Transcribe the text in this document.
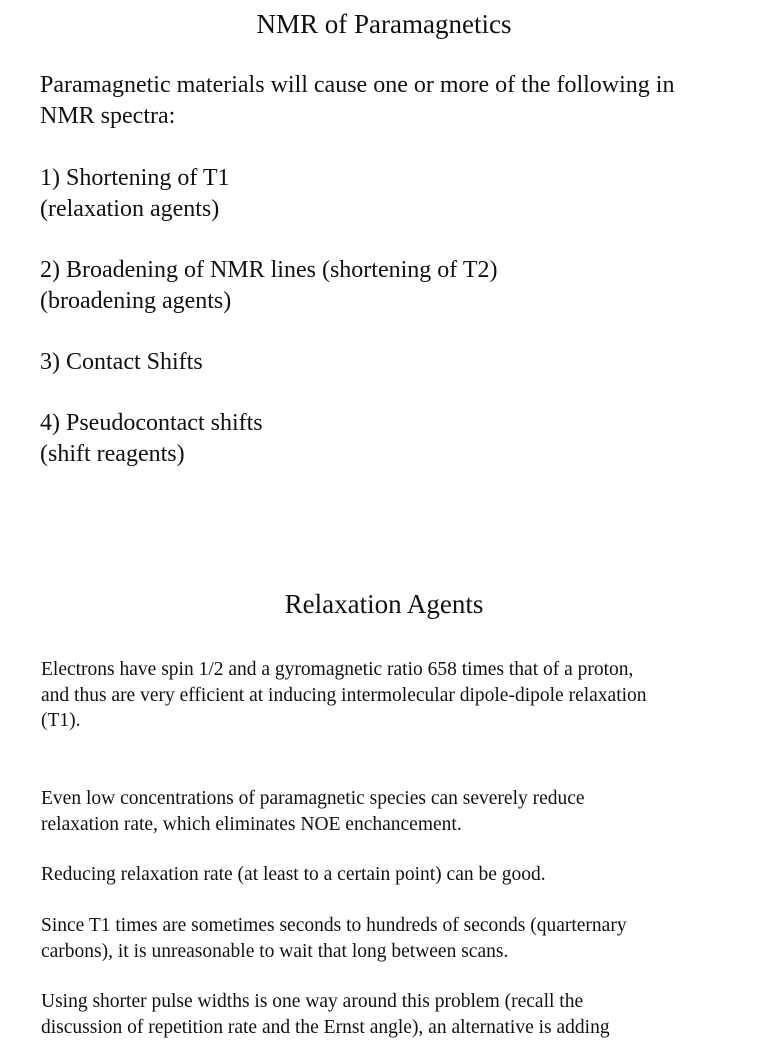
NMR of Paramagnetics
Paramagnetic materials will cause one or more of the following in
NMR spectra:
1) Shortening of T1
(relaxation agents)
2) Broadening of NMR lines (shortening of T2)
(broadening agents)
3) Contact Shifts
4) Pseudocontact shifts
(shift reagents)
Relaxation Agents
Electrons have spin 1/2 and a gyromagnetic ratio 658 times that of a proton,
and thus are very efficient at inducing intermolecular dipole-dipole relaxation
(T1).
Even low concentrations of paramagnetic species can severely reduce
relaxation rate, which eliminates NOE enchancement.
Reducing relaxation rate (at least to a certain point) can be good.
Since T1 times are sometimes seconds to hundreds of seconds (quarternary
carbons), it is unreasonable to wait that long between scans.
Using shorter pulse widths is one way around this problem (recall the
discussion of repetition rate and the Ernst angle), an alternative is adding
